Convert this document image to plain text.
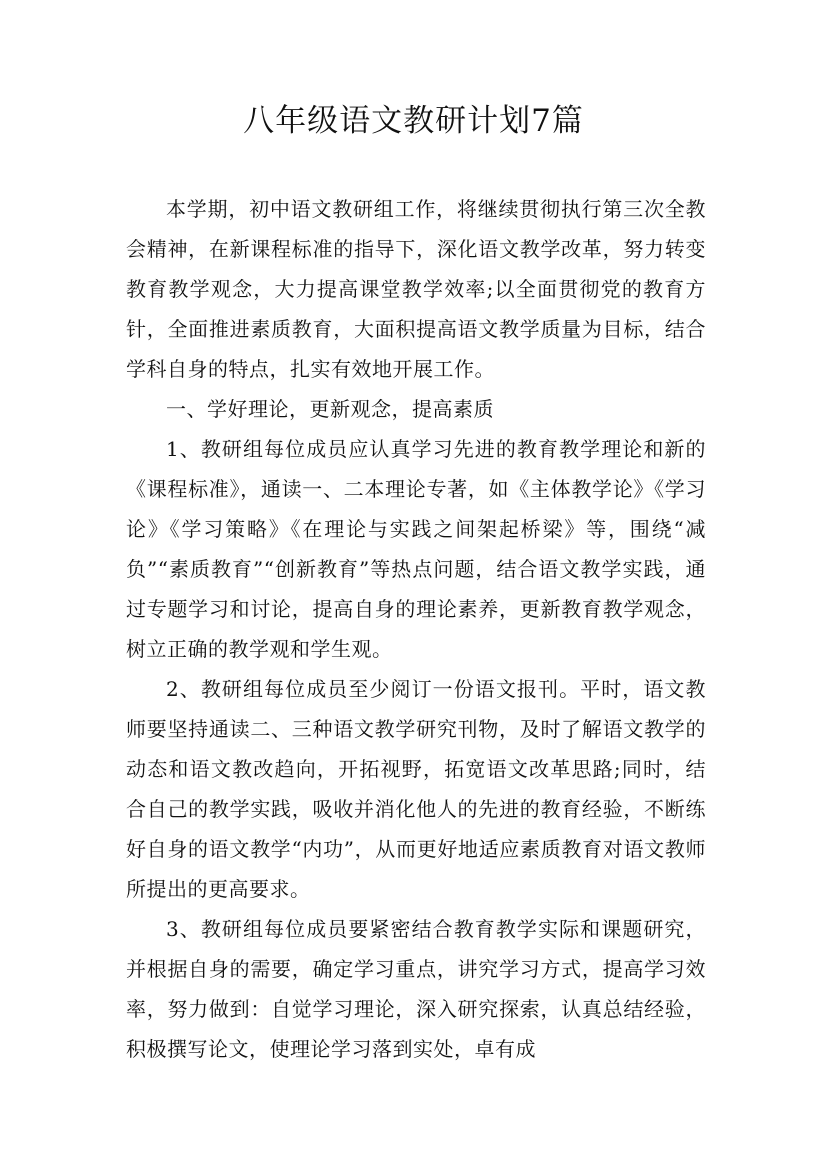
八年级语文教研计划7篇

本学期，初中语文教研组工作，将继续贯彻执行第三次全教会精神，在新课程标准的指导下，深化语文教学改革，努力转变教育教学观念，大力提高课堂教学效率;以全面贯彻党的教育方针，全面推进素质教育，大面积提高语文教学质量为目标，结合学科自身的特点，扎实有效地开展工作。

一、学好理论，更新观念，提高素质

1、教研组每位成员应认真学习先进的教育教学理论和新的《课程标准》，通读一、二本理论专著，如《主体教学论》《学习论》《学习策略》《在理论与实践之间架起桥梁》等，围绕“减负”“素质教育”“创新教育”等热点问题，结合语文教学实践，通过专题学习和讨论，提高自身的理论素养，更新教育教学观念，树立正确的教学观和学生观。

2、教研组每位成员至少阅订一份语文报刊。平时，语文教师要坚持通读二、三种语文教学研究刊物，及时了解语文教学的动态和语文教改趋向，开拓视野，拓宽语文改革思路;同时，结合自己的教学实践，吸收并消化他人的先进的教育经验，不断练好自身的语文教学“内功”，从而更好地适应素质教育对语文教师所提出的更高要求。

3、教研组每位成员要紧密结合教育教学实际和课题研究，并根据自身的需要，确定学习重点，讲究学习方式，提高学习效率，努力做到：自觉学习理论，深入研究探索，认真总结经验，积极撰写论文，使理论学习落到实处，卓有成
